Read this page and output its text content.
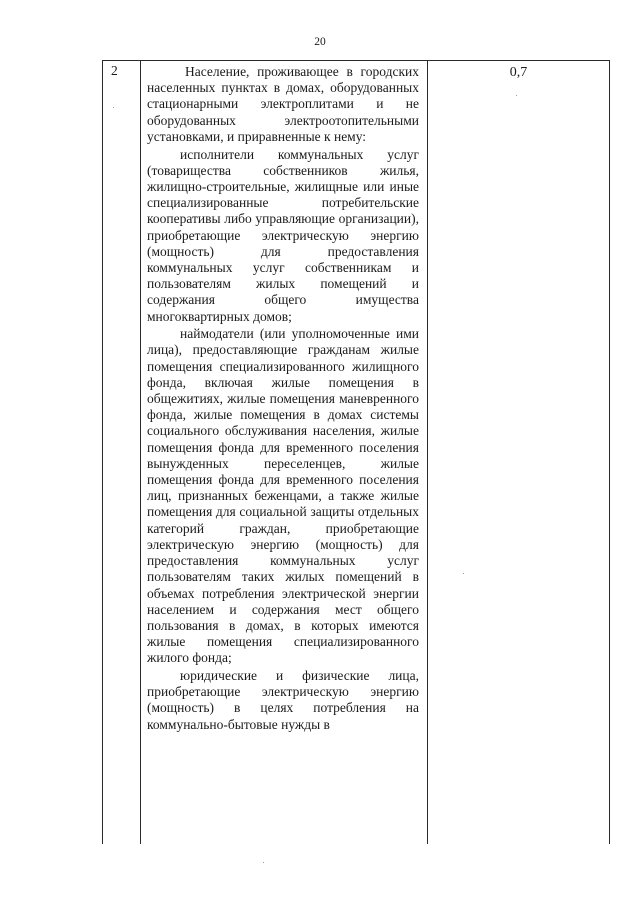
20
2	Население, проживающее в городских населенных пунктах в домах, оборудованных стационарными электроплитами и не оборудованных электроотопительными установками, и приравненные к нему:

исполнители коммунальных услуг (товарищества собственников жилья, жилищно-строительные, жилищные или иные специализированные потребительские кооперативы либо управляющие организации), приобретающие электрическую энергию (мощность) для предоставления коммунальных услуг собственникам и пользователям жилых помещений и содержания общего имущества многоквартирных домов;

наймодатели (или уполномоченные ими лица), предоставляющие гражданам жилые помещения специализированного жилищного фонда, включая жилые помещения в общежитиях, жилые помещения маневренного фонда, жилые помещения в домах системы социального обслуживания населения, жилые помещения фонда для временного поселения вынужденных переселенцев, жилые помещения фонда для временного поселения лиц, признанных беженцами, а также жилые помещения для социальной защиты отдельных категорий граждан, приобретающие электрическую энергию (мощность) для предоставления коммунальных услуг пользователям таких жилых помещений в объемах потребления электрической энергии населением и содержания мест общего пользования в домах, в которых имеются жилые помещения специализированного жилого фонда;

юридические и физические лица, приобретающие электрическую энергию (мощность) в целях потребления на коммунально-бытовые нужды в

0,7
